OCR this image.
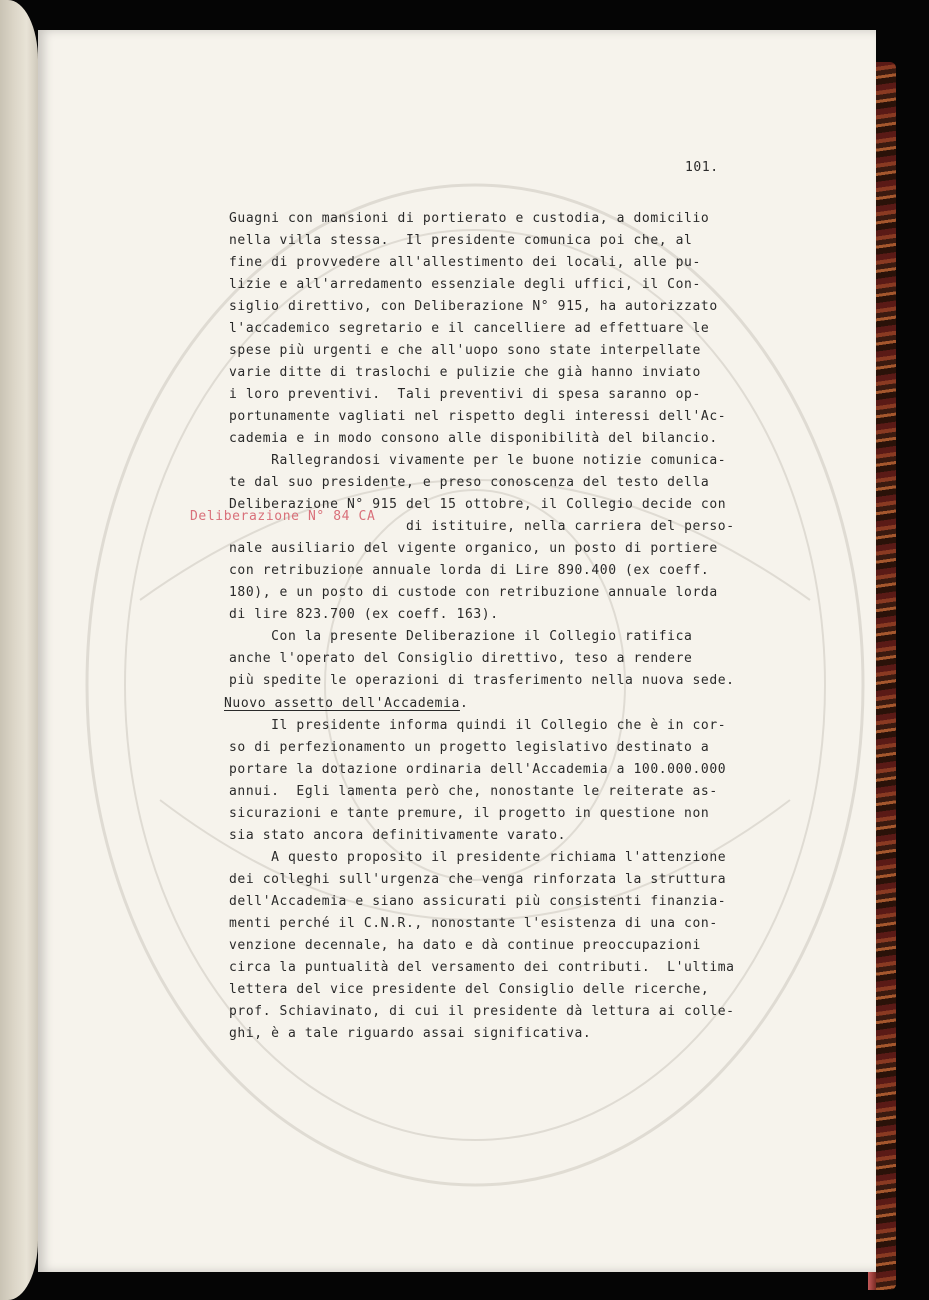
101.
Guagni con mansioni di portierato e custodia, a domicilio
nella villa stessa.  Il presidente comunica poi che, al
fine di provvedere all'allestimento dei locali, alle pu-
lizie e all'arredamento essenziale degli uffici, il Con-
siglio direttivo, con Deliberazione N° 915, ha autorizzato
l'accademico segretario e il cancelliere ad effettuare le
spese più urgenti e che all'uopo sono state interpellate
varie ditte di traslochi e pulizie che già hanno inviato
i loro preventivi.  Tali preventivi di spesa saranno op-
portunamente vagliati nel rispetto degli interessi dell'Ac-
cademia e in modo consono alle disponibilità del bilancio.
Rallegrandosi vivamente per le buone notizie comunica-
te dal suo presidente, e preso conoscenza del testo della
Deliberazione N° 915 del 15 ottobre, il Collegio decide con
Deliberazione N° 84 CA
di istituire, nella carriera del perso-
nale ausiliario del vigente organico, un posto di portiere
con retribuzione annuale lorda di Lire 890.400 (ex coeff.
180), e un posto di custode con retribuzione annuale lorda
di lire 823.700 (ex coeff. 163).
Con la presente Deliberazione il Collegio ratifica
anche l'operato del Consiglio direttivo, teso a rendere
più spedite le operazioni di trasferimento nella nuova sede.
Nuovo assetto dell'Accademia.
Il presidente informa quindi il Collegio che è in cor-
so di perfezionamento un progetto legislativo destinato a
portare la dotazione ordinaria dell'Accademia a 100.000.000
annui.  Egli lamenta però che, nonostante le reiterate as-
sicurazioni e tante premure, il progetto in questione non
sia stato ancora definitivamente varato.
A questo proposito il presidente richiama l'attenzione
dei colleghi sull'urgenza che venga rinforzata la struttura
dell'Accademia e siano assicurati più consistenti finanzia-
menti perché il C.N.R., nonostante l'esistenza di una con-
venzione decennale, ha dato e dà continue preoccupazioni
circa la puntualità del versamento dei contributi.  L'ultima
lettera del vice presidente del Consiglio delle ricerche,
prof. Schiavinato, di cui il presidente dà lettura ai colle-
ghi, è a tale riguardo assai significativa.
